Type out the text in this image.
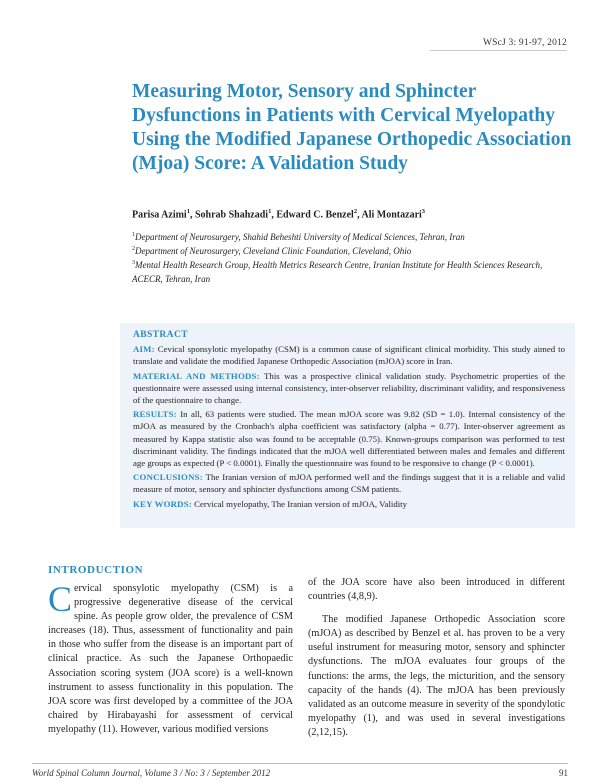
WScJ 3: 91-97, 2012
Measuring Motor, Sensory and Sphincter Dysfunctions in Patients with Cervical Myelopathy Using the Modified Japanese Orthopedic Association (Mjoa) Score: A Validation Study
Parisa Azimi$^1$, Sohrab Shahzadi$^1$, Edward C. Benzel$^2$, Ali Montazari$^3$
$^1$Department of Neurosurgery, Shahid Beheshti University of Medical Sciences, Tehran, Iran
$^2$Department of Neurosurgery, Cleveland Clinic Foundation, Cleveland, Ohio
$^3$Mental Health Research Group, Health Metrics Research Centre, Iranian Institute for Health Sciences Research, ACECR, Tehran, Iran
ABSTRACT

AIM: Cevical sponsylotic myelopathy (CSM) is a common cause of significant clinical morbidity. This study aimed to translate and validate the modified Japanese Orthopedic Association (mJOA) score in Iran.

MATERIAL AND METHODS: This was a prospective clinical validation study. Psychometric properties of the questionnaire were assessed using internal consistency, inter-observer reliability, discriminant validity, and responsiveness of the questionnaire to change.

RESULTS: In all, 63 patients were studied. The mean mJOA score was 9.82 (SD = 1.0). Internal consistency of the mJOA as measured by the Cronbach's alpha coefficient was satisfactory (alpha = 0.77). Inter-observer agreement as measured by Kappa statistic also was found to be acceptable (0.75). Known-groups comparison was performed to test discriminant validity. The findings indicated that the mJOA well differentiated between males and females and different age groups as expected (P < 0.0001). Finally the questionnaire was found to be responsive to change (P < 0.0001).

CONCLUSIONS: The Iranian version of mJOA performed well and the findings suggest that it is a reliable and valid measure of motor, sensory and sphincter dysfunctions among CSM patients.

KEY WORDS: Cervical myelopathy, The Iranian version of mJOA, Validity

INTRODUCTION

Cervical sponsylotic myelopathy (CSM) is a progressive degenerative disease of the cervical spine. As people grow older, the prevalence of CSM increases (18). Thus, assessment of functionality and pain in those who suffer from the disease is an important part of clinical practice. As such the Japanese Orthopaedic Association scoring system (JOA score) is a well-known instrument to assess functionality in this population. The JOA score was first developed by a committee of the JOA chaired by Hirabayashi for assessment of cervical myelopathy (11). However, various modified versions

of the JOA score have also been introduced in different countries (4,8,9).

The modified Japanese Orthopedic Association score (mJOA) as described by Benzel et al. has proven to be a very useful instrument for measuring motor, sensory and sphincter dysfunctions. The mJOA evaluates four groups of the functions: the arms, the legs, the micturition, and the sensory capacity of the hands (4). The mJOA has been previously validated as an outcome measure in severity of the spondylotic myelopathy (1), and was used in several investigations (2,12,15).

World Spinal Column Journal, Volume 3 / No: 3 / September 2012	91
